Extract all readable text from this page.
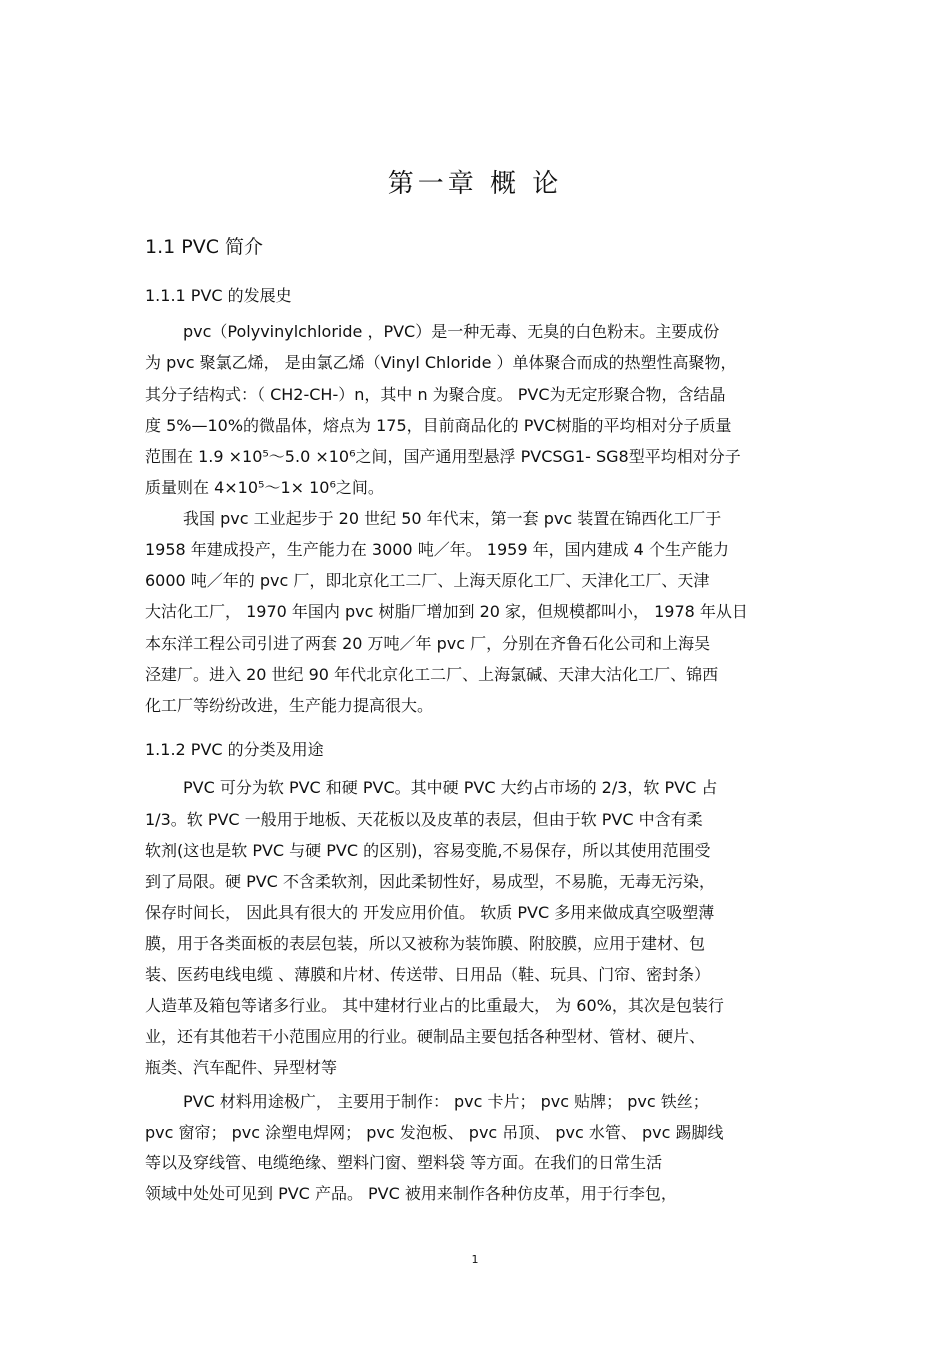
第一章 概 论
1.1 PVC 简介
1.1.1 PVC 的发展史
pvc（Polyvinylchloride ，PVC）是一种无毒、无臭的白色粉末。主要成份
为 pvc 聚氯乙烯， 是由氯乙烯（Vinyl Chloride ）单体聚合而成的热塑性高聚物，
其分子结构式：（ CH2-CH-）n，其中 n 为聚合度。 PVC为无定形聚合物，含结晶
度 5%—10%的微晶体，熔点为 175，目前商品化的 PVC树脂的平均相对分子质量
范围在 1.9 ×10⁵～5.0 ×10⁶之间，国产通用型悬浮 PVCSG1- SG8型平均相对分子
质量则在 4×10⁵～1× 10⁶之间。
我国 pvc 工业起步于 20 世纪 50 年代末，第一套 pvc 装置在锦西化工厂于
1958 年建成投产，生产能力在 3000 吨／年。 1959 年，国内建成 4 个生产能力
6000 吨／年的 pvc 厂，即北京化工二厂、上海天原化工厂、天津化工厂、天津
大沽化工厂， 1970 年国内 pvc 树脂厂增加到 20 家，但规模都叫小， 1978 年从日
本东洋工程公司引进了两套 20 万吨／年 pvc 厂，分别在齐鲁石化公司和上海吴
泾建厂。进入 20 世纪 90 年代北京化工二厂、上海氯碱、天津大沽化工厂、锦西
化工厂等纷纷改进，生产能力提高很大。
1.1.2 PVC 的分类及用途
PVC 可分为软 PVC 和硬 PVC。其中硬 PVC 大约占市场的 2/3，软 PVC 占
1/3。软 PVC 一般用于地板、天花板以及皮革的表层，但由于软 PVC 中含有柔
软剂(这也是软 PVC 与硬 PVC 的区别)，容易变脆,不易保存，所以其使用范围受
到了局限。硬 PVC 不含柔软剂，因此柔韧性好，易成型，不易脆，无毒无污染，
保存时间长， 因此具有很大的 开发应用价值。 软质 PVC 多用来做成真空吸塑薄
膜，用于各类面板的表层包装，所以又被称为装饰膜、附胶膜，应用于建材、包
装、医药电线电缆 、薄膜和片材、传送带、日用品（鞋、玩具、门帘、密封条）
人造革及箱包等诸多行业。 其中建材行业占的比重最大， 为 60%，其次是包装行
业，还有其他若干小范围应用的行业。硬制品主要包括各种型材、管材、硬片、
瓶类、汽车配件、异型材等
PVC 材料用途极广， 主要用于制作： pvc 卡片； pvc 贴牌； pvc 铁丝；
pvc 窗帘； pvc 涂塑电焊网； pvc 发泡板、 pvc 吊顶、 pvc 水管、 pvc 踢脚线
等以及穿线管、电缆绝缘、塑料门窗、塑料袋 等方面。在我们的日常生活
领域中处处可见到 PVC 产品。 PVC 被用来制作各种仿皮革，用于行李包，
1
